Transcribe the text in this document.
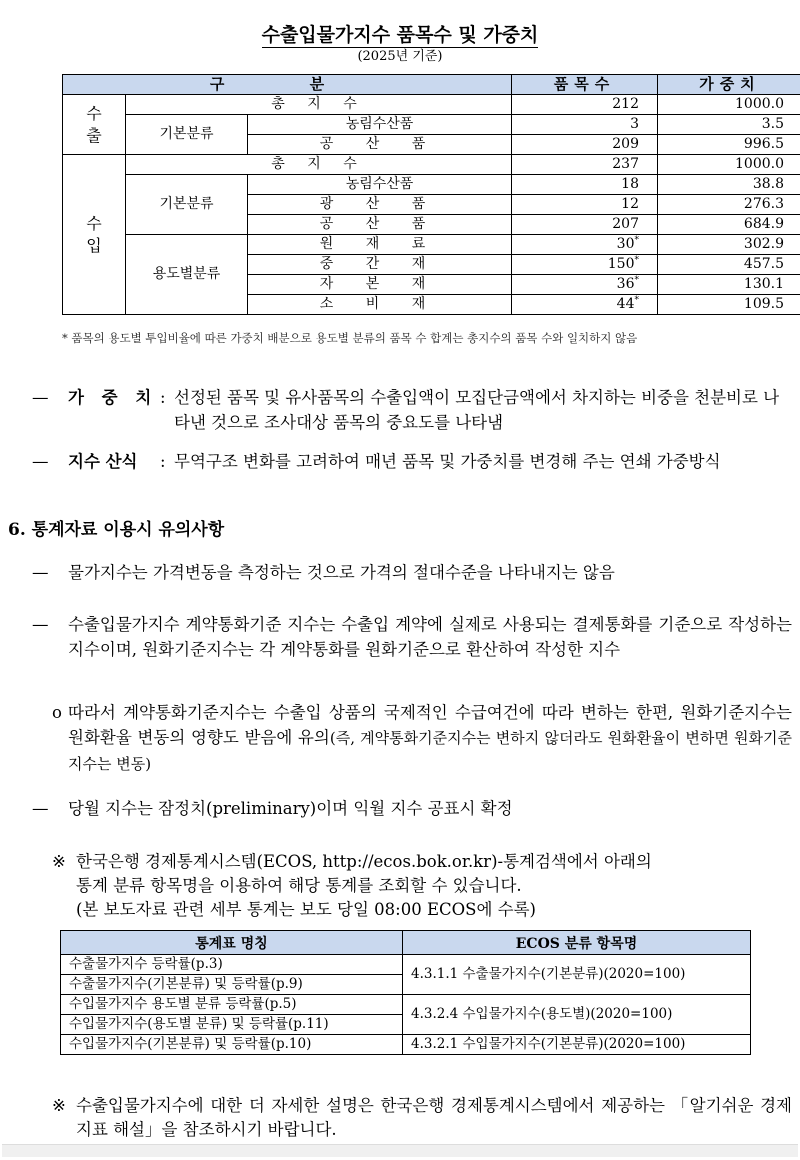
수출입물가지수 품목수 및 가중치
(2025년 기준)
구 분			품목수	가중치
수출	총 지 수		212	1000.0
	기본분류	농림수산품	3	3.5
		공 산 품	209	996.5
수
입	총 지 수		237	1000.0
	기본분류	농림수산품	18	38.8
		광 산 품	12	276.3
		공 산 품	207	684.9
	용도별분류	원 재 료	30*	302.9
		중 간 재	150*	457.5
		자 본 재	36*	130.1
		소 비 재	44*	109.5
* 품목의 용도별 투입비율에 따른 가중치 배분으로 용도별 분류의 품목 수 합계는 총지수의 품목 수와 일치하지 않음
—	가 중 치 : 선정된 품목 및 유사품목의 수출입액이 모집단금액에서 차지하는 비중을 천분비로 나타낸 것으로 조사대상 품목의 중요도를 나타냄
—	지수 산식	: 무역구조 변화를 고려하여 매년 품목 및 가중치를 변경해 주는 연쇄 가중방식
6. 통계자료 이용시 유의사항
—	물가지수는 가격변동을 측정하는 것으로 가격의 절대수준을 나타내지는 않음
—	수출입물가지수 계약통화기준 지수는 수출입 계약에 실제로 사용되는 결제통화를 기준으로 작성하는 지수이며, 원화기준지수는 각 계약통화를 원화기준으로 환산하여 작성한 지수
o 따라서 계약통화기준지수는 수출입 상품의 국제적인 수급여건에 따라 변하는 한편, 원화기준지수는 원화환율 변동의 영향도 받음에 유의(즉, 계약통화기준지수는 변하지 않더라도 원화환율이 변하면 원화기준지수는 변동)
—	당월 지수는 잠정치(preliminary)이며 익월 지수 공표시 확정
※ 한국은행 경제통계시스템(ECOS, http://ecos.bok.or.kr)-통계검색에서 아래의
통계 분류 항목명을 이용하여 해당 통계를 조회할 수 있습니다.
(본 보도자료 관련 세부 통계는 보도 당일 08:00 ECOS에 수록)
통계표 명칭	ECOS 분류 항목명
수출물가지수 등락률(p.3)	4.3.1.1 수출물가지수(기본분류)(2020=100)
수출물가지수(기본분류) 및 등락률(p.9)	
수입물가지수 용도별 분류 등락률(p.5)	4.3.2.4 수입물가지수(용도별)(2020=100)
수입물가지수(용도별 분류) 및 등락률(p.11)	
수입물가지수(기본분류) 및 등락률(p.10)	4.3.2.1 수입물가지수(기본분류)(2020=100)
※ 수출입물가지수에 대한 더 자세한 설명은 한국은행 경제통계시스템에서 제공하는 「알기쉬운 경제지표 해설」을 참조하시기 바랍니다.
